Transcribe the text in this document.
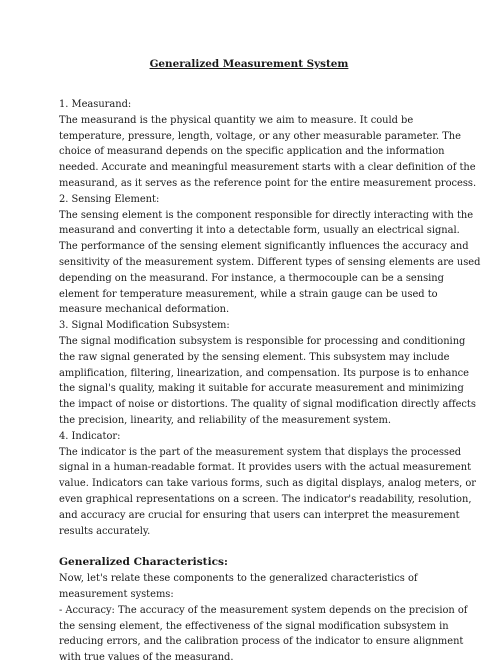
Generalized Measurement System
1. Measurand:
The measurand is the physical quantity we aim to measure. It could be
temperature, pressure, length, voltage, or any other measurable parameter. The
choice of measurand depends on the specific application and the information
needed. Accurate and meaningful measurement starts with a clear definition of the
measurand, as it serves as the reference point for the entire measurement process.
2. Sensing Element:
The sensing element is the component responsible for directly interacting with the
measurand and converting it into a detectable form, usually an electrical signal.
The performance of the sensing element significantly influences the accuracy and
sensitivity of the measurement system. Different types of sensing elements are used
depending on the measurand. For instance, a thermocouple can be a sensing
element for temperature measurement, while a strain gauge can be used to
measure mechanical deformation.
3. Signal Modification Subsystem:
The signal modification subsystem is responsible for processing and conditioning
the raw signal generated by the sensing element. This subsystem may include
amplification, filtering, linearization, and compensation. Its purpose is to enhance
the signal's quality, making it suitable for accurate measurement and minimizing
the impact of noise or distortions. The quality of signal modification directly affects
the precision, linearity, and reliability of the measurement system.
4. Indicator:
The indicator is the part of the measurement system that displays the processed
signal in a human-readable format. It provides users with the actual measurement
value. Indicators can take various forms, such as digital displays, analog meters, or
even graphical representations on a screen. The indicator's readability, resolution,
and accuracy are crucial for ensuring that users can interpret the measurement
results accurately.
Generalized Characteristics:
Now, let's relate these components to the generalized characteristics of
measurement systems:
- Accuracy: The accuracy of the measurement system depends on the precision of
the sensing element, the effectiveness of the signal modification subsystem in
reducing errors, and the calibration process of the indicator to ensure alignment
with true values of the measurand.
